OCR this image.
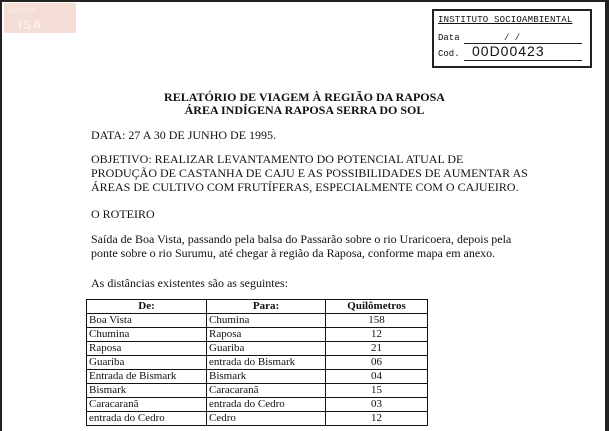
acervo
ISA	INSTITUTO SOCIOAMBIENTAL
Data	/ /
Cod. 00D00423
RELATÓRIO DE VIAGEM À REGIÃO DA RAPOSA
ÁREA INDÍGENA RAPOSA SERRA DO SOL
DATA: 27 A 30 DE JUNHO DE 1995.
OBJETIVO: REALIZAR LEVANTAMENTO DO POTENCIAL ATUAL DE PRODUÇÃO DE CASTANHA DE CAJU E AS POSSIBILIDADES DE AUMENTAR AS ÁREAS DE CULTIVO COM FRUTÍFERAS, ESPECIALMENTE COM O CAJUEIRO.
O ROTEIRO
Saída de Boa Vista, passando pela balsa do Passarão sobre o rio Uraricoera, depois pela ponte sobre o rio Surumu, até chegar à região da Raposa, conforme mapa em anexo.
As distâncias existentes são as seguintes:
De:	Para:	Quilômetros
Boa Vista	Chumina	158
Chumina	Raposa	12
Raposa	Guariba	21
Guariba	entrada do Bismark	06
Entrada de Bismark	Bismark	04
Bismark	Caracaranã	15
Caracaranã	entrada do Cedro	03
entrada do Cedro	Cedro	12
